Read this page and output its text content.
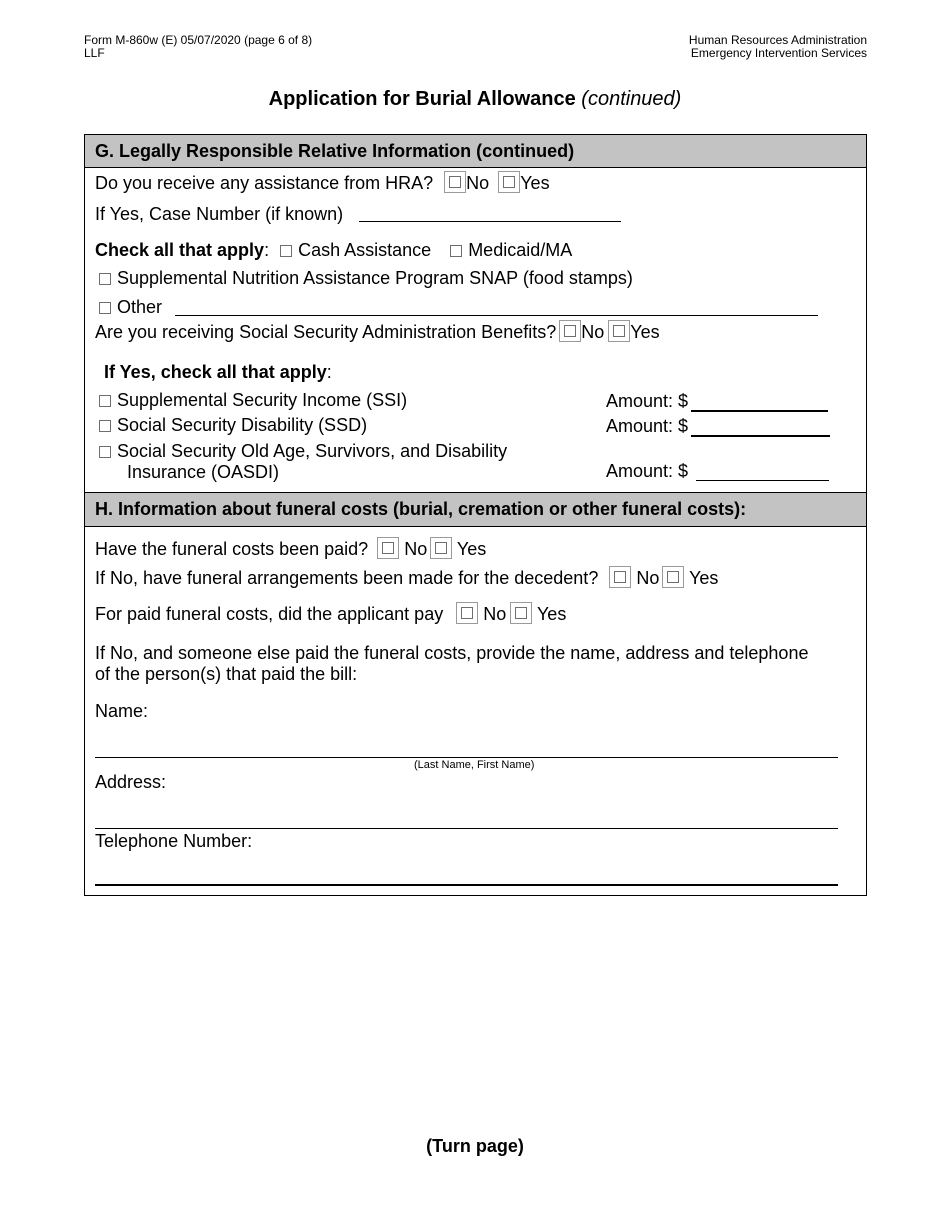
Form M-860w (E) 05/07/2020 (page 6 of 8)
LLF
Human Resources Administration
Emergency Intervention Services
Application for Burial Allowance (continued)
G. Legally Responsible Relative Information (continued)
Do you receive any assistance from HRA? No Yes
If Yes, Case Number (if known)
Check all that apply: Cash Assistance Medicaid/MA
Supplemental Nutrition Assistance Program SNAP (food stamps)
Other
Are you receiving Social Security Administration Benefits? No Yes
If Yes, check all that apply:
Supplemental Security Income (SSI)	Amount: $
Social Security Disability (SSD)	Amount: $
Social Security Old Age, Survivors, and Disability
Insurance (OASDI)	Amount: $
H. Information about funeral costs (burial, cremation or other funeral costs):
Have the funeral costs been paid? No Yes
If No, have funeral arrangements been made for the decedent? No Yes
For paid funeral costs, did the applicant pay No Yes
If No, and someone else paid the funeral costs, provide the name, address and telephone
of the person(s) that paid the bill:
Name:
(Last Name, First Name)
Address:
Telephone Number:
(Turn page)
